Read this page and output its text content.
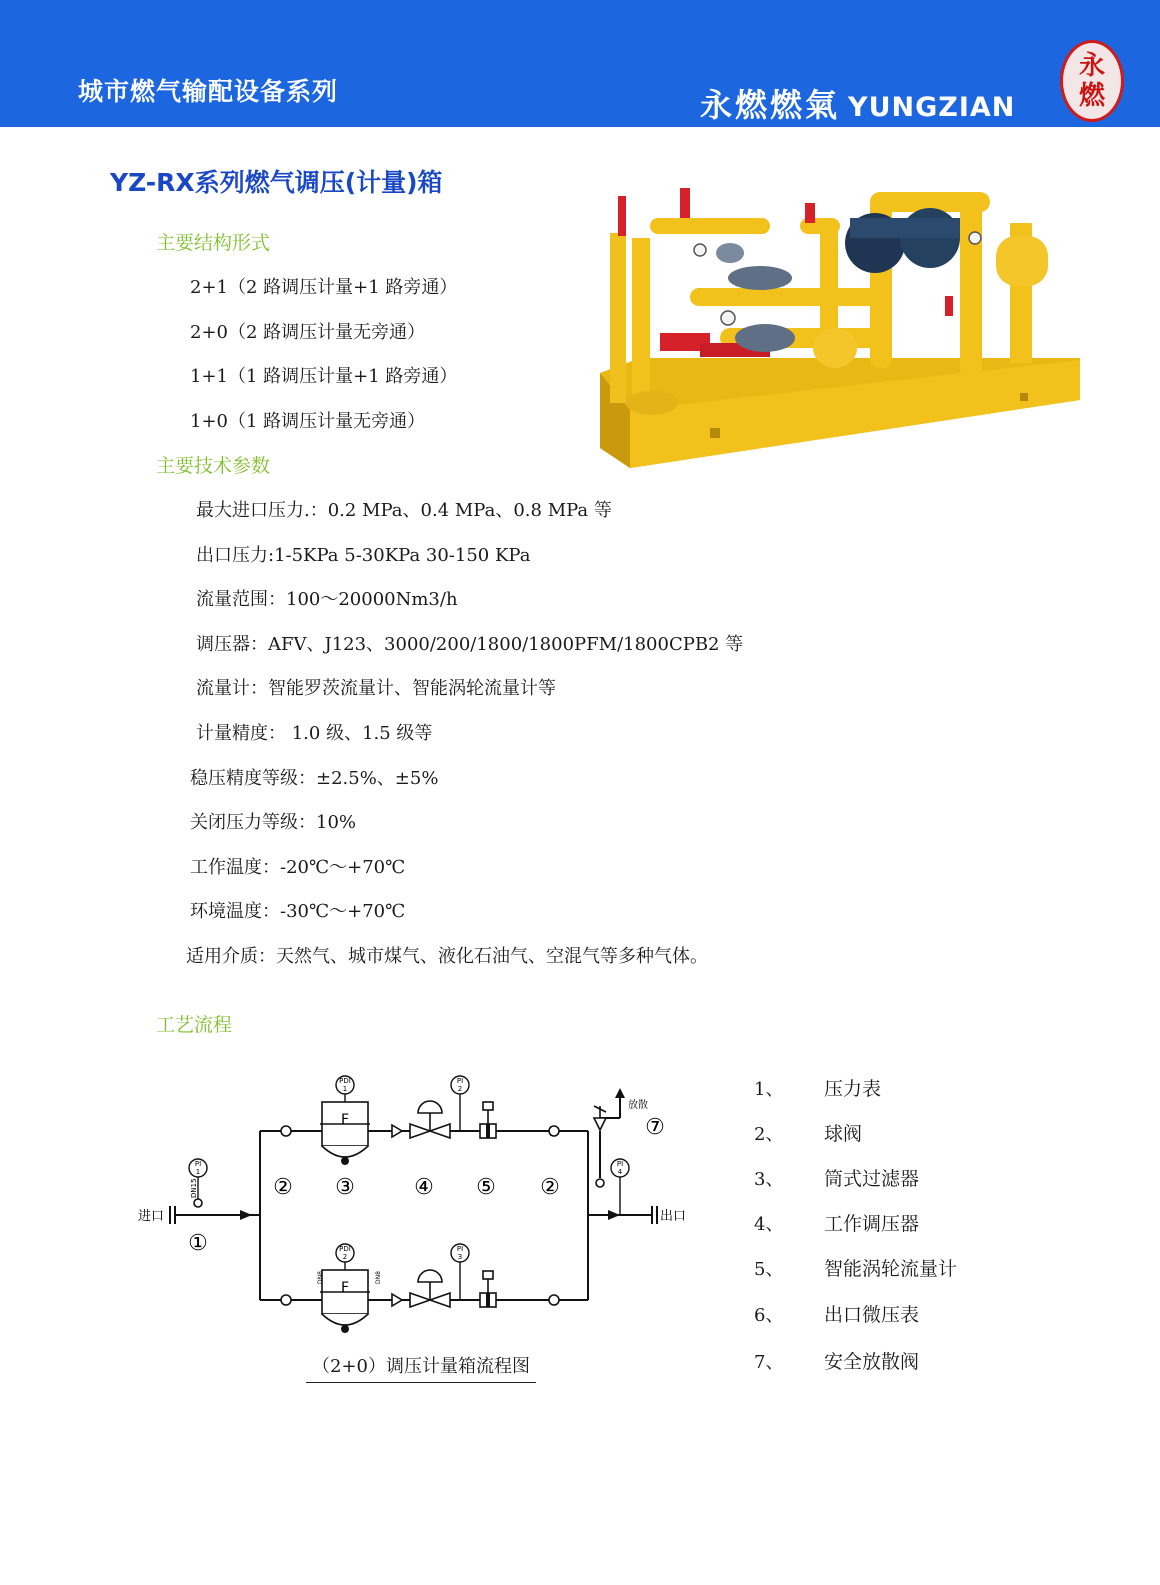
城市燃气输配设备系列	永燃燃氣 YUNGZIAN
永
燃
YZ-RX系列燃气调压(计量)箱
主要结构形式
2+1（2 路调压计量+1 路旁通）
2+0（2 路调压计量无旁通）
1+1（1 路调压计量+1 路旁通）
1+0（1 路调压计量无旁通）
主要技术参数
最大进口压力.：0.2 MPa、0.4 MPa、0.8 MPa 等
出口压力:1-5KPa 5-30KPa 30-150 KPa
流量范围：100～20000Nm3/h
调压器：AFV、J123、3000/200/1800/1800PFM/1800CPB2 等
流量计：智能罗茨流量计、智能涡轮流量计等
计量精度： 1.0 级、1.5 级等
稳压精度等级：±2.5%、±5%
关闭压力等级：10%
工作温度：-20℃～+70℃
环境温度：-30℃～+70℃
适用介质：天然气、城市煤气、液化石油气、空混气等多种气体。
工艺流程
F
F
PDI 1
PDI 2
PI 2
PI 3
PI 1
PI 4
DN15
DN8	DN8
进口	出口
放散
①
② ③	④ ⑤ ②
⑦
（2+0）调压计量箱流程图
1、 压力表
2、 球阀
3、 筒式过滤器
4、 工作调压器
5、 智能涡轮流量计
6、 出口微压表
7、 安全放散阀
